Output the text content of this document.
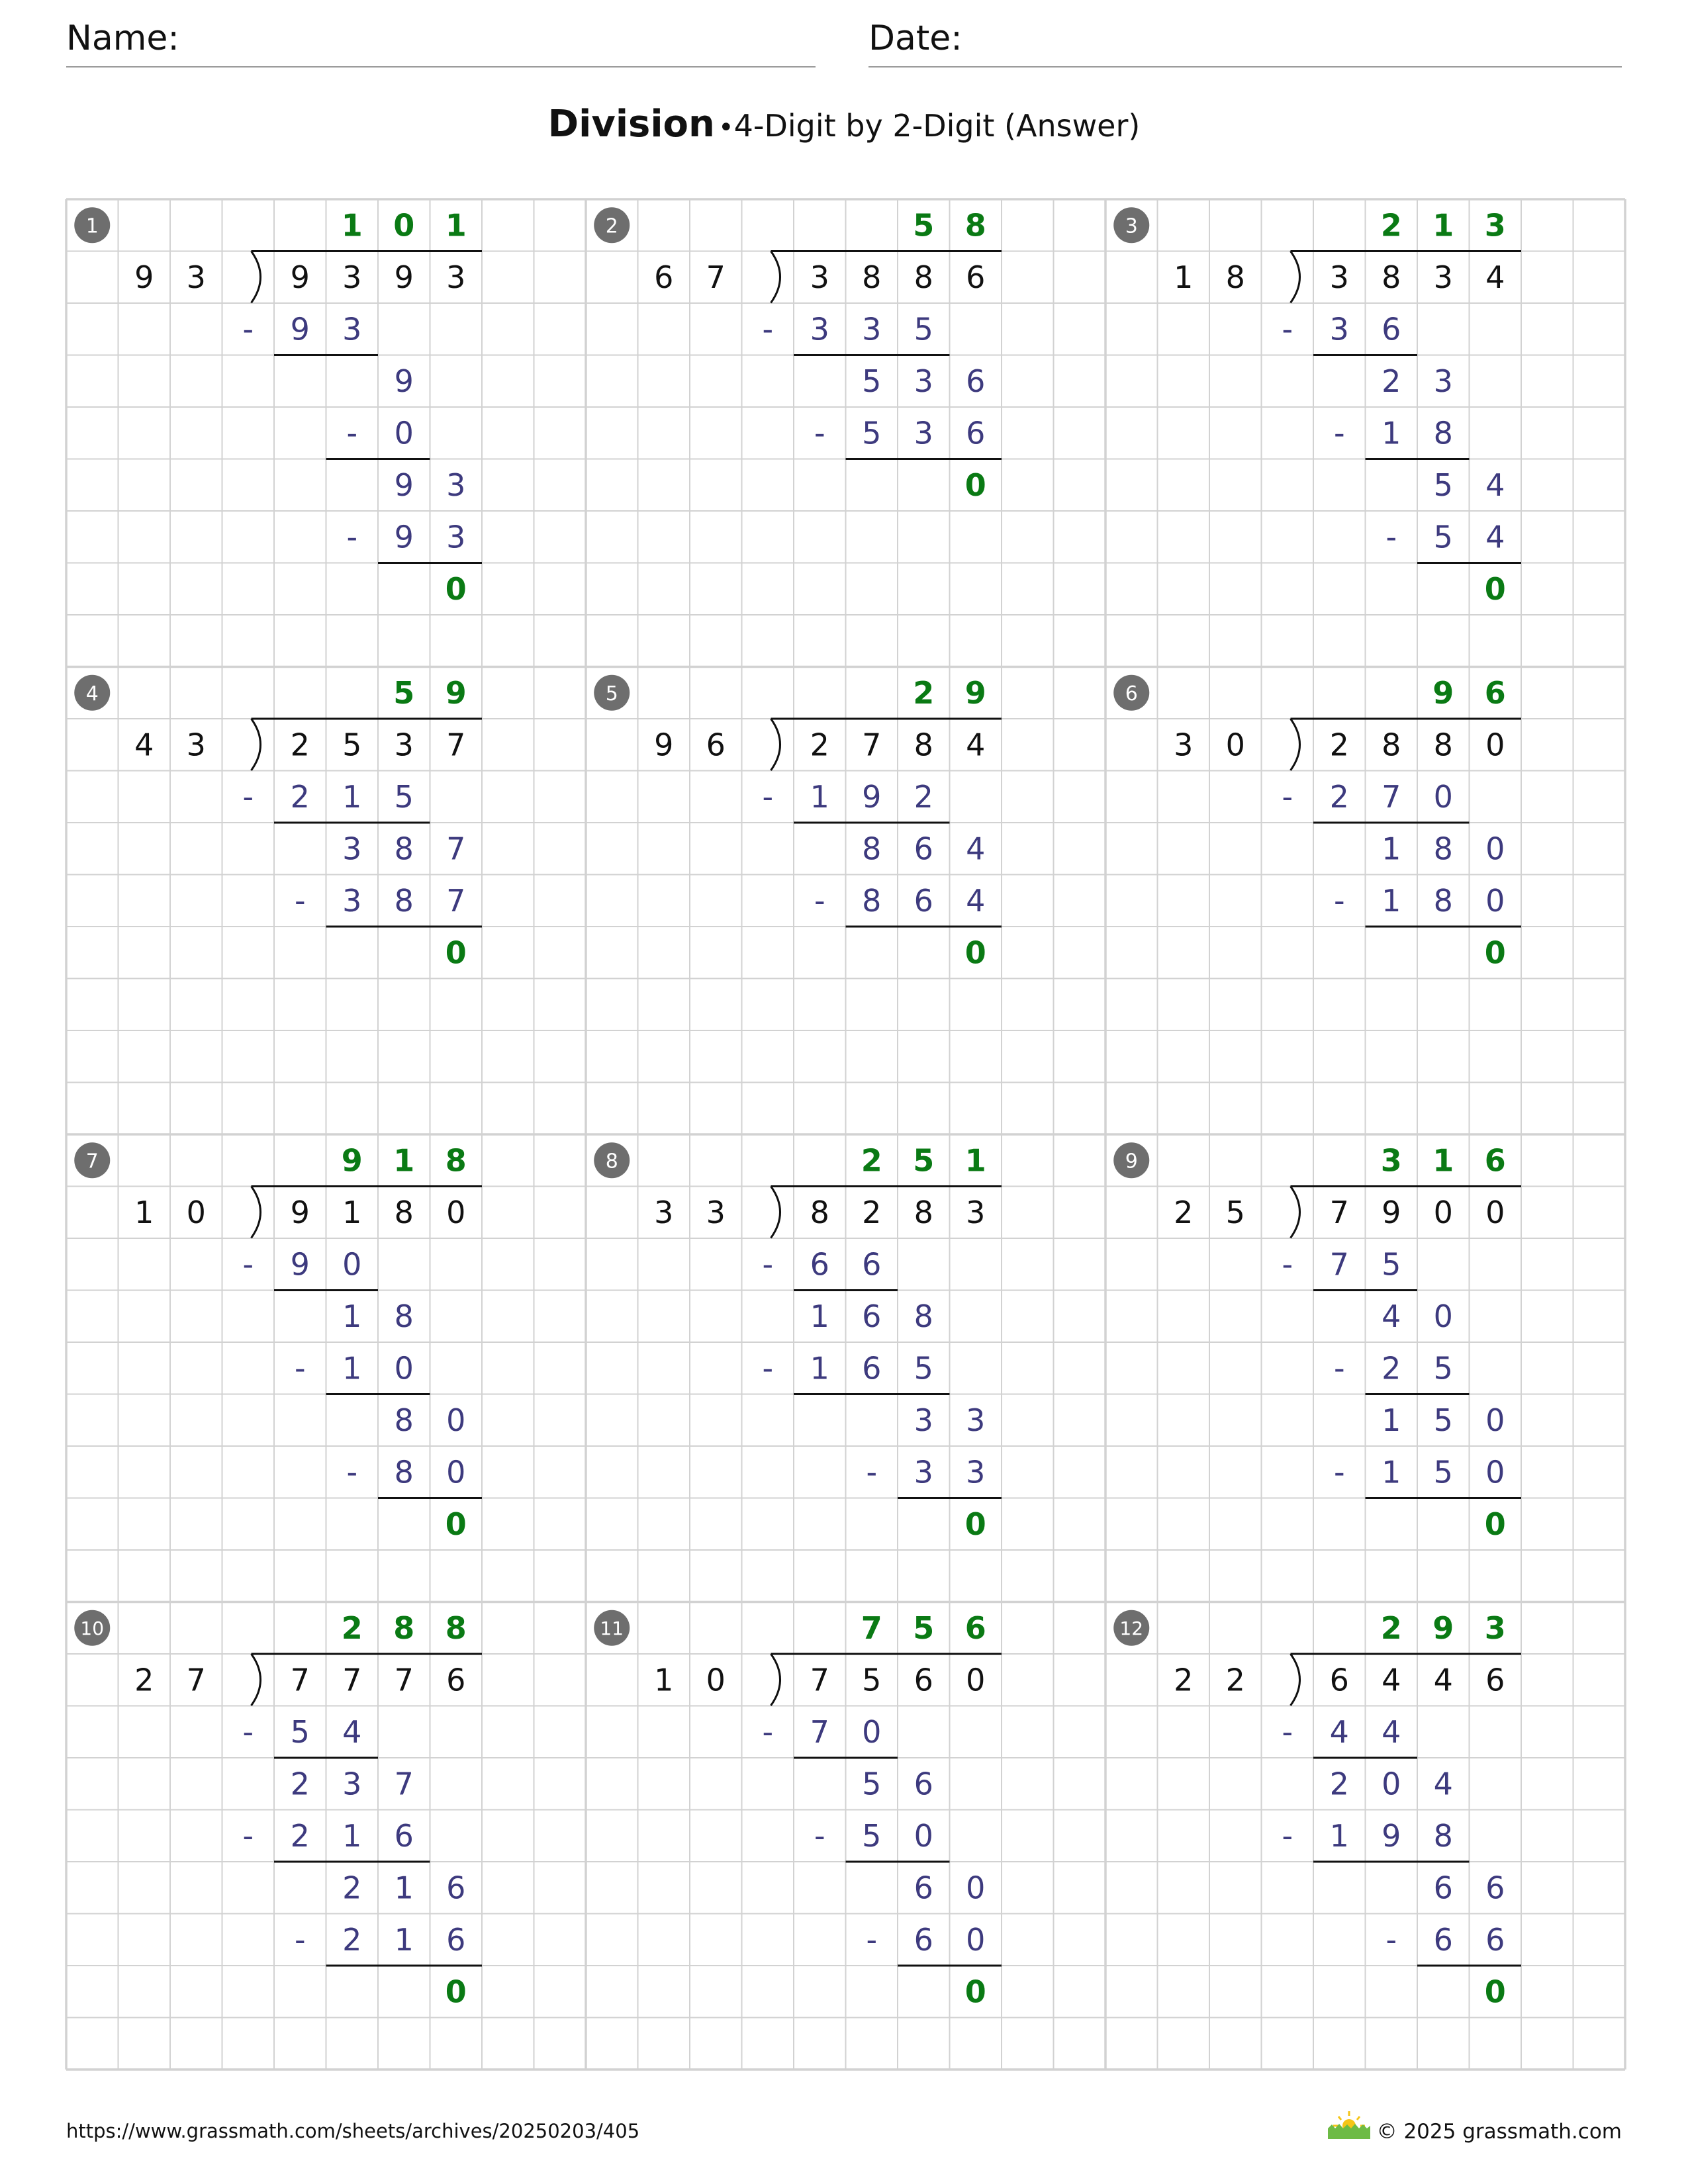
Name:	Date:
Division •4-Digit by 2-Digit (Answer)
1	1 0 1
9 3	9 3 9 3
- 9 3
9
- 0
9 3
- 9 3
0
2	5 8
6 7	3 8 8 6
- 3 3 5
5 3 6
- 5 3 6
0
3	2 1 3
1 8	3 8 3 4
- 3 6
2 3
- 1 8
5 4
- 5 4
0
4	5 9
4 3	2 5 3 7
- 2 1 5
3 8 7
- 3 8 7
0
5	2 9
9 6	2 7 8 4
- 1 9 2
8 6 4
- 8 6 4
0
6	9 6
3 0	2 8 8 0
- 2 7 0
1 8 0
- 1 8 0
0
7	9 1 8
1 0	9 1 8 0
- 9 0
1 8
- 1 0
8 0
- 8 0
0
8	2 5 1
3 3	8 2 8 3
- 6 6
1 6 8
- 1 6 5
3 3
- 3 3
0
9	3 1 6
2 5	7 9 0 0
- 7 5
4 0
- 2 5
1 5 0
- 1 5 0
0
10	2 8 8
2 7	7 7 7 6
- 5 4
2 3 7
- 2 1 6
2 1 6
- 2 1 6
0
11	7 5 6
1 0	7 5 6 0
- 7 0
5 6
- 5 0
6 0
- 6 0
0
12	2 9 3
2 2	6 4 4 6
- 4 4
2 0 4
- 1 9 8
6 6
- 6 6
0
https://www.grassmath.com/sheets/archives/20250203/405	© 2025 grassmath.com
